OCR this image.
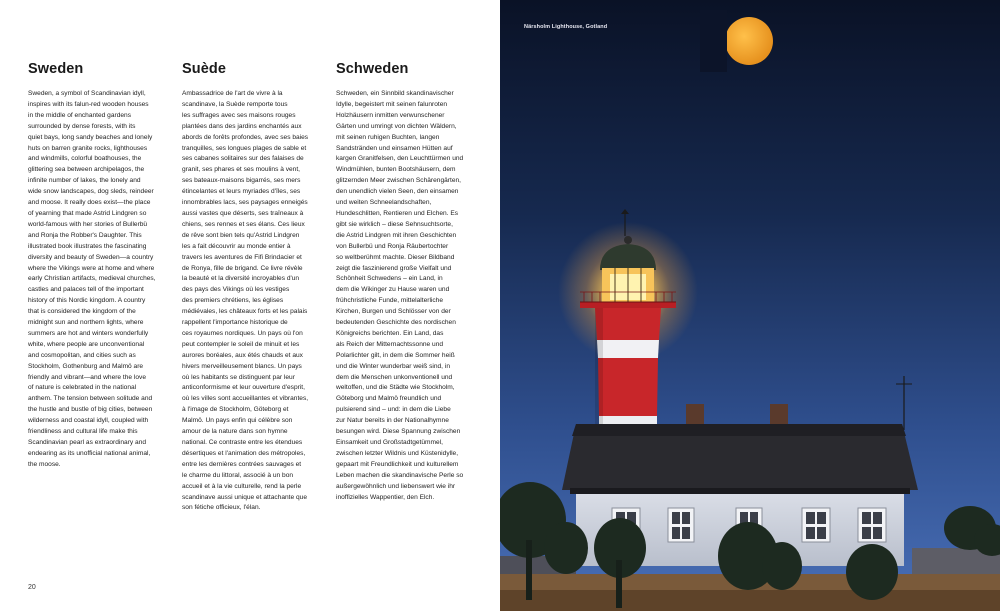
Sweden

Sweden, a symbol of Scandinavian idyll,
inspires with its falun-red wooden houses
in the middle of enchanted gardens
surrounded by dense forests, with its
quiet bays, long sandy beaches and lonely
huts on barren granite rocks, lighthouses
and windmills, colorful boathouses, the
glittering sea between archipelagos, the
infinite number of lakes, the lonely and
wide snow landscapes, dog sleds, reindeer
and moose. It really does exist—the place
of yearning that made Astrid Lindgren so
world-famous with her stories of Bullerbü
and Ronja the Robber's Daughter. This
illustrated book illustrates the fascinating
diversity and beauty of Sweden—a country
where the Vikings were at home and where
early Christian artifacts, medieval churches,
castles and palaces tell of the important
history of this Nordic kingdom. A country
that is considered the kingdom of the
midnight sun and northern lights, where
summers are hot and winters wonderfully
white, where people are unconventional
and cosmopolitan, and cities such as
Stockholm, Gothenburg and Malmö are
friendly and vibrant—and where the love
of nature is celebrated in the national
anthem. The tension between solitude and
the hustle and bustle of big cities, between
wilderness and coastal idyll, coupled with
friendliness and cultural life make this
Scandinavian pearl as extraordinary and
endearing as its unofficial national animal,
the moose.

Suède

Ambassadrice de l'art de vivre à la
scandinave, la Suède remporte tous
les suffrages avec ses maisons rouges
plantées dans des jardins enchantés aux
abords de forêts profondes, avec ses baies
tranquilles, ses longues plages de sable et
ses cabanes solitaires sur des falaises de
granit, ses phares et ses moulins à vent,
ses bateaux-maisons bigarrés, ses mers
étincelantes et leurs myriades d'îles, ses
innombrables lacs, ses paysages enneigés
aussi vastes que déserts, ses traîneaux à
chiens, ses rennes et ses élans. Ces lieux
de rêve sont bien tels qu'Astrid Lindgren
les a fait découvrir au monde entier à
travers les aventures de Fifi Brindacier et
de Ronya, fille de brigand. Ce livre révèle
la beauté et la diversité incroyables d'un
des pays des Vikings où les vestiges
des premiers chrétiens, les églises
médiévales, les châteaux forts et les palais
rappellent l'importance historique de
ces royaumes nordiques. Un pays où l'on
peut contempler le soleil de minuit et les
aurores boréales, aux étés chauds et aux
hivers merveilleusement blancs. Un pays
où les habitants se distinguent par leur
anticonformisme et leur ouverture d'esprit,
où les villes sont accueillantes et vibrantes,
à l'image de Stockholm, Göteborg et
Malmö. Un pays enfin qui célèbre son
amour de la nature dans son hymne
national. Ce contraste entre les étendues
désertiques et l'animation des métropoles,
entre les dernières contrées sauvages et
le charme du littoral, associé à un bon
accueil et à la vie culturelle, rend la perle
scandinave aussi unique et attachante que
son fétiche officieux, l'élan.

Schweden

Schweden, ein Sinnbild skandinavischer
Idylle, begeistert mit seinen falunroten
Holzhäusern inmitten verwunschener
Gärten und umringt von dichten Wäldern,
mit seinen ruhigen Buchten, langen
Sandstränden und einsamen Hütten auf
kargen Granitfelsen, den Leuchttürmen und
Windmühlen, bunten Bootshäusern, dem
glitzernden Meer zwischen Schärengärten,
den unendlich vielen Seen, den einsamen
und weiten Schneelandschaften,
Hundeschlitten, Rentieren und Elchen. Es
gibt sie wirklich – diese Sehnsuchtsorte,
die Astrid Lindgren mit ihren Geschichten
von Bullerbü und Ronja Räubertochter
so weltberühmt machte. Dieser Bildband
zeigt die faszinierend große Vielfalt und
Schönheit Schwedens – ein Land, in
dem die Wikinger zu Hause waren und
frühchristliche Funde, mittelalterliche
Kirchen, Burgen und Schlösser von der
bedeutenden Geschichte des nordischen
Königreichs berichten. Ein Land, das
als Reich der Mitternachtssonne und
Polarlichter gilt, in dem die Sommer heiß
und die Winter wunderbar weiß sind, in
dem die Menschen unkonventionell und
weltoffen, und die Städte wie Stockholm,
Göteborg und Malmö freundlich und
pulsierend sind – und: in dem die Liebe
zur Natur bereits in der Nationalhymne
besungen wird. Diese Spannung zwischen
Einsamkeit und Großstadtgetümmel,
zwischen letzter Wildnis und Küstenidylle,
gepaart mit Freundlichkeit und kulturellem
Leben machen die skandinavische Perle so
außergewöhnlich und liebenswert wie ihr
inoffizielles Wappentier, den Elch.

20
Närsholm Lighthouse, Gotland
